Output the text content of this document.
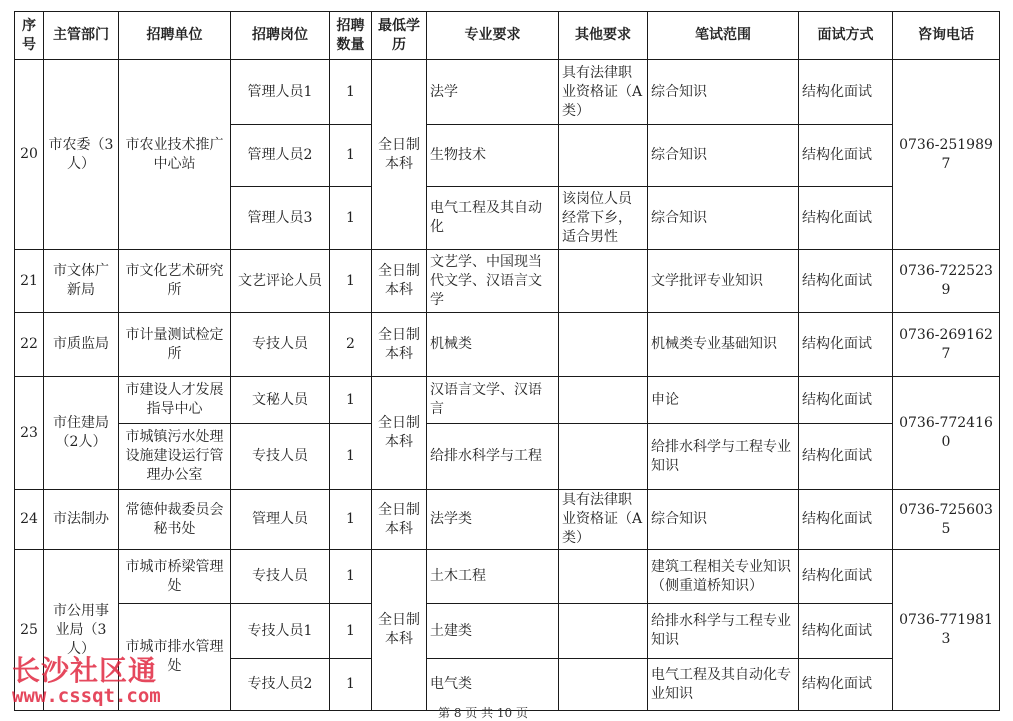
序号	主管部门	招聘单位	招聘岗位	招聘数量	最低学历	专业要求	其他要求	笔试范围	面试方式	咨询电话
20	市农委（3人）	市农业技术推广中心站	管理人员1	1	全日制本科	法学	具有法律职业资格证（A类）	综合知识	结构化面试	0736-2519897
			管理人员2	1		生物技术		综合知识	结构化面试	
			管理人员3	1		电气工程及其自动化	该岗位人员经常下乡，适合男性	综合知识	结构化面试	
21	市文体广新局	市文化艺术研究所	文艺评论人员	1	全日制本科	文艺学、中国现当代文学、汉语言文学		文学批评专业知识	结构化面试	0736-7225239
22	市质监局	市计量测试检定所	专技人员	2	全日制本科	机械类		机械类专业基础知识	结构化面试	0736-2691627
23	市住建局（2人）	市建设人才发展指导中心	文秘人员	1	全日制本科	汉语言文学、汉语言		申论	结构化面试	0736-7724160
		市城镇污水处理设施建设运行管理办公室	专技人员	1		给排水科学与工程		给排水科学与工程专业知识	结构化面试	
24	市法制办	常德仲裁委员会秘书处	管理人员	1	全日制本科	法学类	具有法律职业资格证（A类）	综合知识	结构化面试	0736-7256035
25	市公用事业局（3人）	市城市桥梁管理处	专技人员	1	全日制本科	土木工程		建筑工程相关专业知识（侧重道桥知识）	结构化面试	0736-7719813
		市城市排水管理处	专技人员1	1		土建类		给排水科学与工程专业知识	结构化面试	
			专技人员2	1		电气类		电气工程及其自动化专业知识	结构化面试	
第 8 页 共 10 页
长沙社区通
www.cssqt.com
